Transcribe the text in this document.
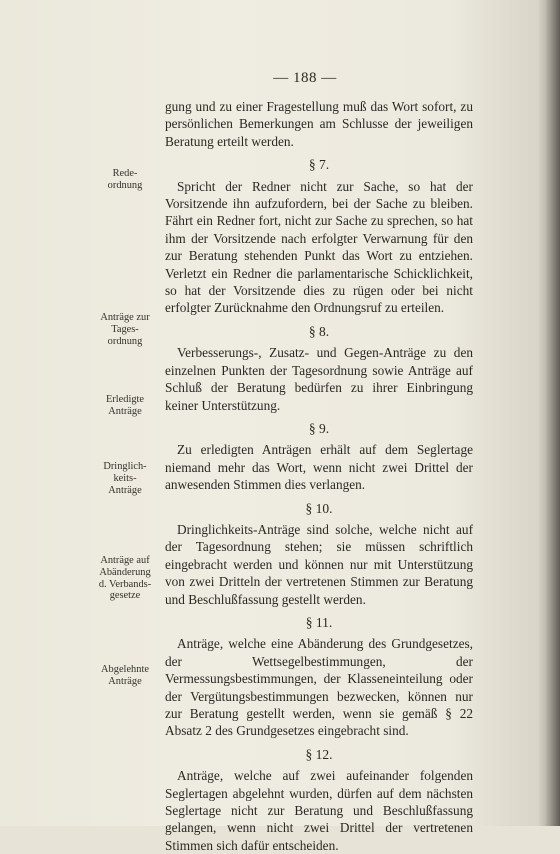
— 188 —
Rede-
ordnung
Anträge zur
Tages-
ordnung
Erledigte
Anträge
Dringlich-
keits-
Anträge
Anträge auf
Abänderung
d. Verbands-
gesetze
Abgelehnte
Anträge

gung und zu einer Fragestellung muß das Wort sofort, zu persönlichen Bemerkungen am Schlusse der jeweiligen Beratung erteilt werden.

§ 7.

Spricht der Redner nicht zur Sache, so hat der Vorsitzende ihn aufzufordern, bei der Sache zu bleiben. Fährt ein Redner fort, nicht zur Sache zu sprechen, so hat ihm der Vorsitzende nach erfolgter Verwarnung für den zur Beratung stehenden Punkt das Wort zu entziehen. Verletzt ein Redner die parlamentarische Schicklichkeit, so hat der Vorsitzende dies zu rügen oder bei nicht erfolgter Zurücknahme den Ordnungsruf zu erteilen.

§ 8.

Verbesserungs-, Zusatz- und Gegen-Anträge zu den einzelnen Punkten der Tagesordnung sowie Anträge auf Schluß der Beratung bedürfen zu ihrer Einbringung keiner Unterstützung.

§ 9.

Zu erledigten Anträgen erhält auf dem Seglertage niemand mehr das Wort, wenn nicht zwei Drittel der anwesenden Stimmen dies verlangen.

§ 10.

Dringlichkeits-Anträge sind solche, welche nicht auf der Tagesordnung stehen; sie müssen schriftlich eingebracht werden und können nur mit Unterstützung von zwei Dritteln der vertretenen Stimmen zur Beratung und Beschlußfassung gestellt werden.

§ 11.

Anträge, welche eine Abänderung des Grundgesetzes, der Wettsegelbestimmungen, der Vermessungsbestimmungen, der Klasseneinteilung oder der Vergütungsbestimmungen bezwecken, können nur zur Beratung gestellt werden, wenn sie gemäß § 22 Absatz 2 des Grundgesetzes eingebracht sind.

§ 12.

Anträge, welche auf zwei aufeinander folgenden Seglertagen abgelehnt wurden, dürfen auf dem nächsten Seglertage nicht zur Beratung und Beschlußfassung gelangen, wenn nicht zwei Drittel der vertretenen Stimmen sich dafür entscheiden.
